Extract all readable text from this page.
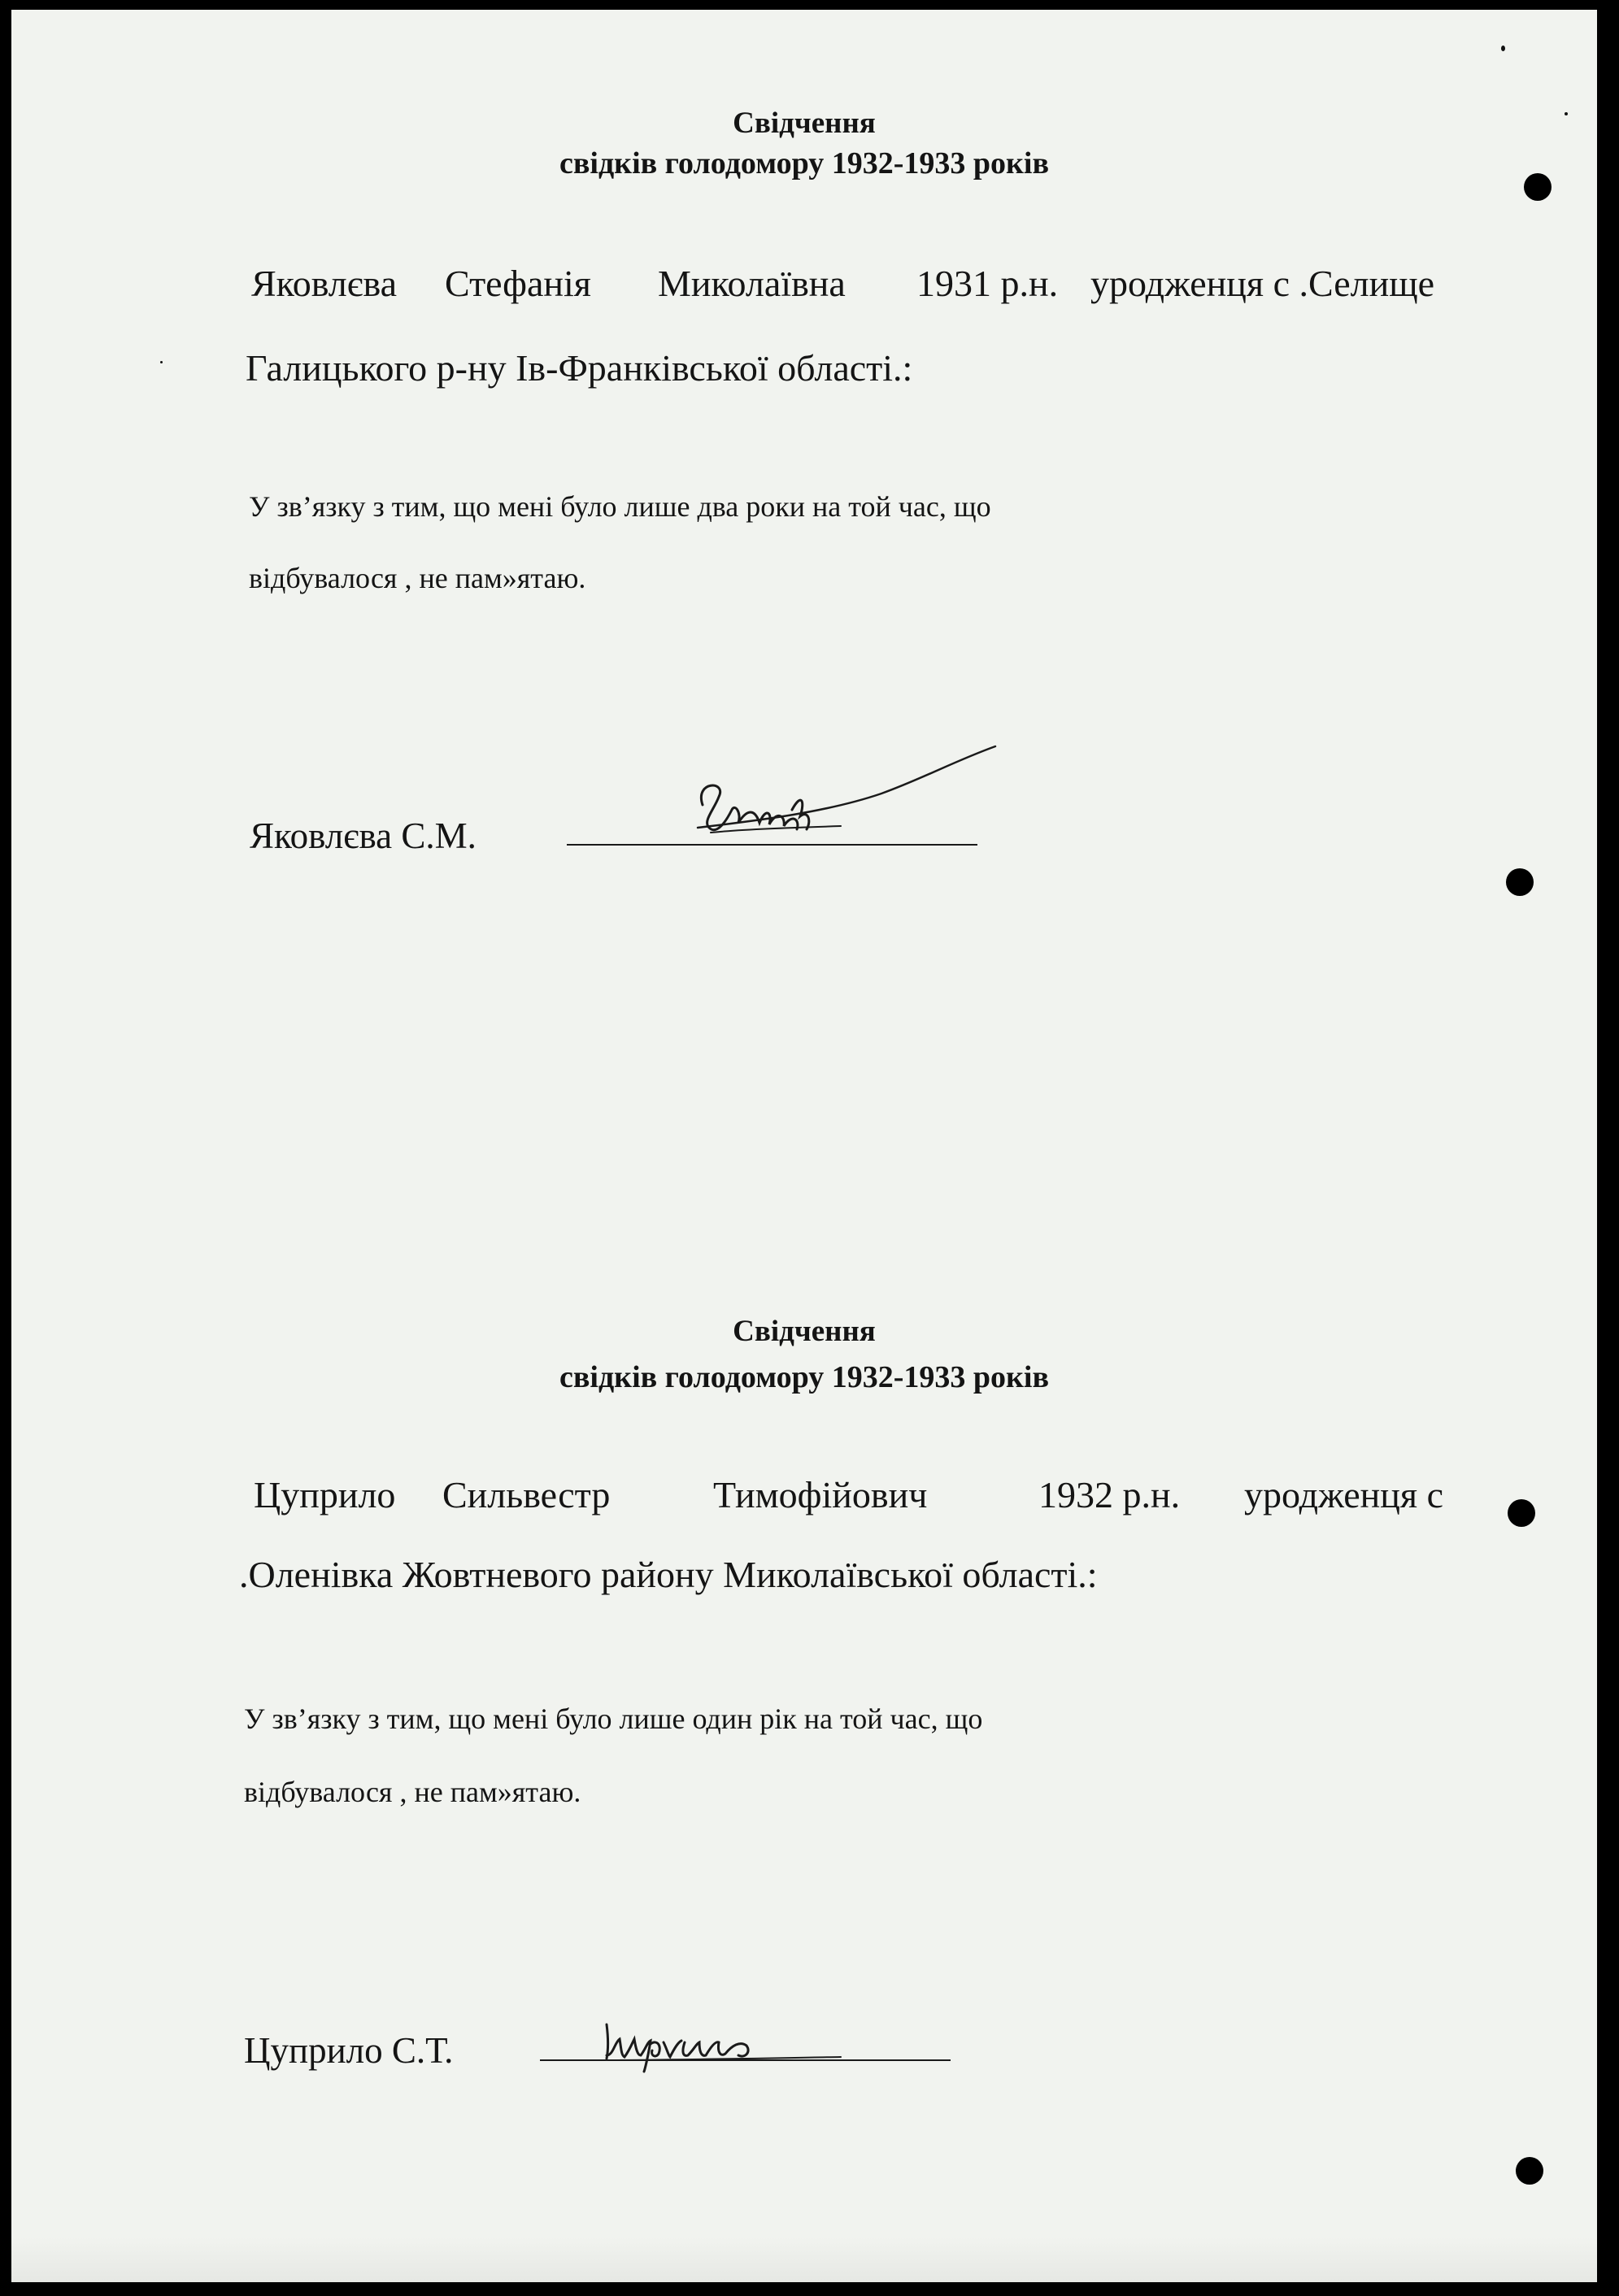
Свідчення
свідків голодомору 1932-1933 років
Яковлєва Стефанія Миколаївна 1931 р.н. уродженця с .Селище
Галицького р-ну Ів-Франківської області.:
У зв’язку з тим, що мені було лише два роки на той час, що
відбувалося , не пам»ятаю.
Яковлєва С.М.
Свідчення
свідків голодомору 1932-1933 років
Цуприло Сильвестр	Тимофійович	1932 р.н. уродженця с
.Оленівка Жовтневого району Миколаївської області.:
У зв’язку з тим, що мені було лише один рік на той час, що
відбувалося , не пам»ятаю.
Цуприло С.Т.
